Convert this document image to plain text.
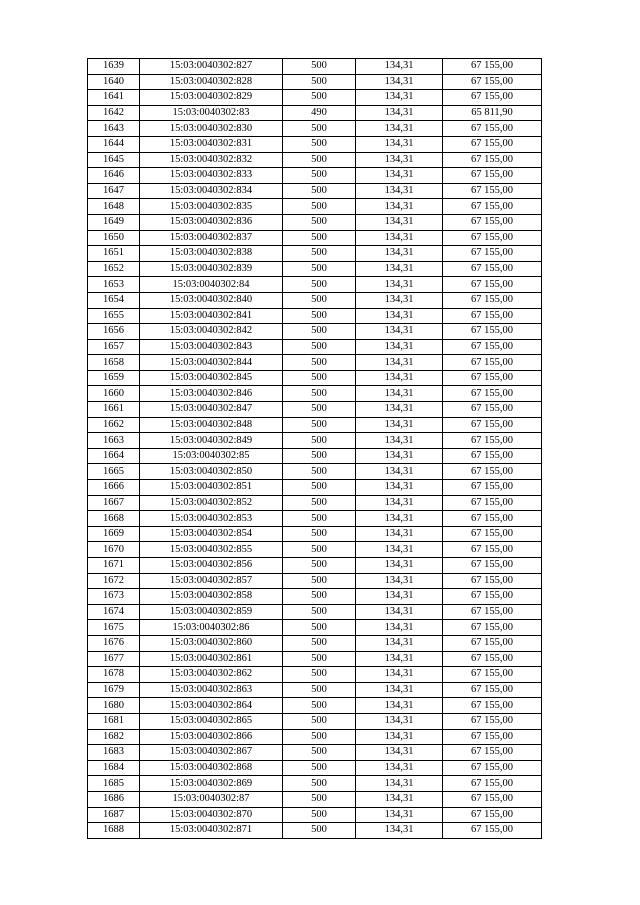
1639	15:03:0040302:827	500	134,31	67 155,00
1640	15:03:0040302:828	500	134,31	67 155,00
1641	15:03:0040302:829	500	134,31	67 155,00
1642	15:03:0040302:83	490	134,31	65 811,90
1643	15:03:0040302:830	500	134,31	67 155,00
1644	15:03:0040302:831	500	134,31	67 155,00
1645	15:03:0040302:832	500	134,31	67 155,00
1646	15:03:0040302:833	500	134,31	67 155,00
1647	15:03:0040302:834	500	134,31	67 155,00
1648	15:03:0040302:835	500	134,31	67 155,00
1649	15:03:0040302:836	500	134,31	67 155,00
1650	15:03:0040302:837	500	134,31	67 155,00
1651	15:03:0040302:838	500	134,31	67 155,00
1652	15:03:0040302:839	500	134,31	67 155,00
1653	15:03:0040302:84	500	134,31	67 155,00
1654	15:03:0040302:840	500	134,31	67 155,00
1655	15:03:0040302:841	500	134,31	67 155,00
1656	15:03:0040302:842	500	134,31	67 155,00
1657	15:03:0040302:843	500	134,31	67 155,00
1658	15:03:0040302:844	500	134,31	67 155,00
1659	15:03:0040302:845	500	134,31	67 155,00
1660	15:03:0040302:846	500	134,31	67 155,00
1661	15:03:0040302:847	500	134,31	67 155,00
1662	15:03:0040302:848	500	134,31	67 155,00
1663	15:03:0040302:849	500	134,31	67 155,00
1664	15:03:0040302:85	500	134,31	67 155,00
1665	15:03:0040302:850	500	134,31	67 155,00
1666	15:03:0040302:851	500	134,31	67 155,00
1667	15:03:0040302:852	500	134,31	67 155,00
1668	15:03:0040302:853	500	134,31	67 155,00
1669	15:03:0040302:854	500	134,31	67 155,00
1670	15:03:0040302:855	500	134,31	67 155,00
1671	15:03:0040302:856	500	134,31	67 155,00
1672	15:03:0040302:857	500	134,31	67 155,00
1673	15:03:0040302:858	500	134,31	67 155,00
1674	15:03:0040302:859	500	134,31	67 155,00
1675	15:03:0040302:86	500	134,31	67 155,00
1676	15:03:0040302:860	500	134,31	67 155,00
1677	15:03:0040302:861	500	134,31	67 155,00
1678	15:03:0040302:862	500	134,31	67 155,00
1679	15:03:0040302:863	500	134,31	67 155,00
1680	15:03:0040302:864	500	134,31	67 155,00
1681	15:03:0040302:865	500	134,31	67 155,00
1682	15:03:0040302:866	500	134,31	67 155,00
1683	15:03:0040302:867	500	134,31	67 155,00
1684	15:03:0040302:868	500	134,31	67 155,00
1685	15:03:0040302:869	500	134,31	67 155,00
1686	15:03:0040302:87	500	134,31	67 155,00
1687	15:03:0040302:870	500	134,31	67 155,00
1688	15:03:0040302:871	500	134,31	67 155,00
